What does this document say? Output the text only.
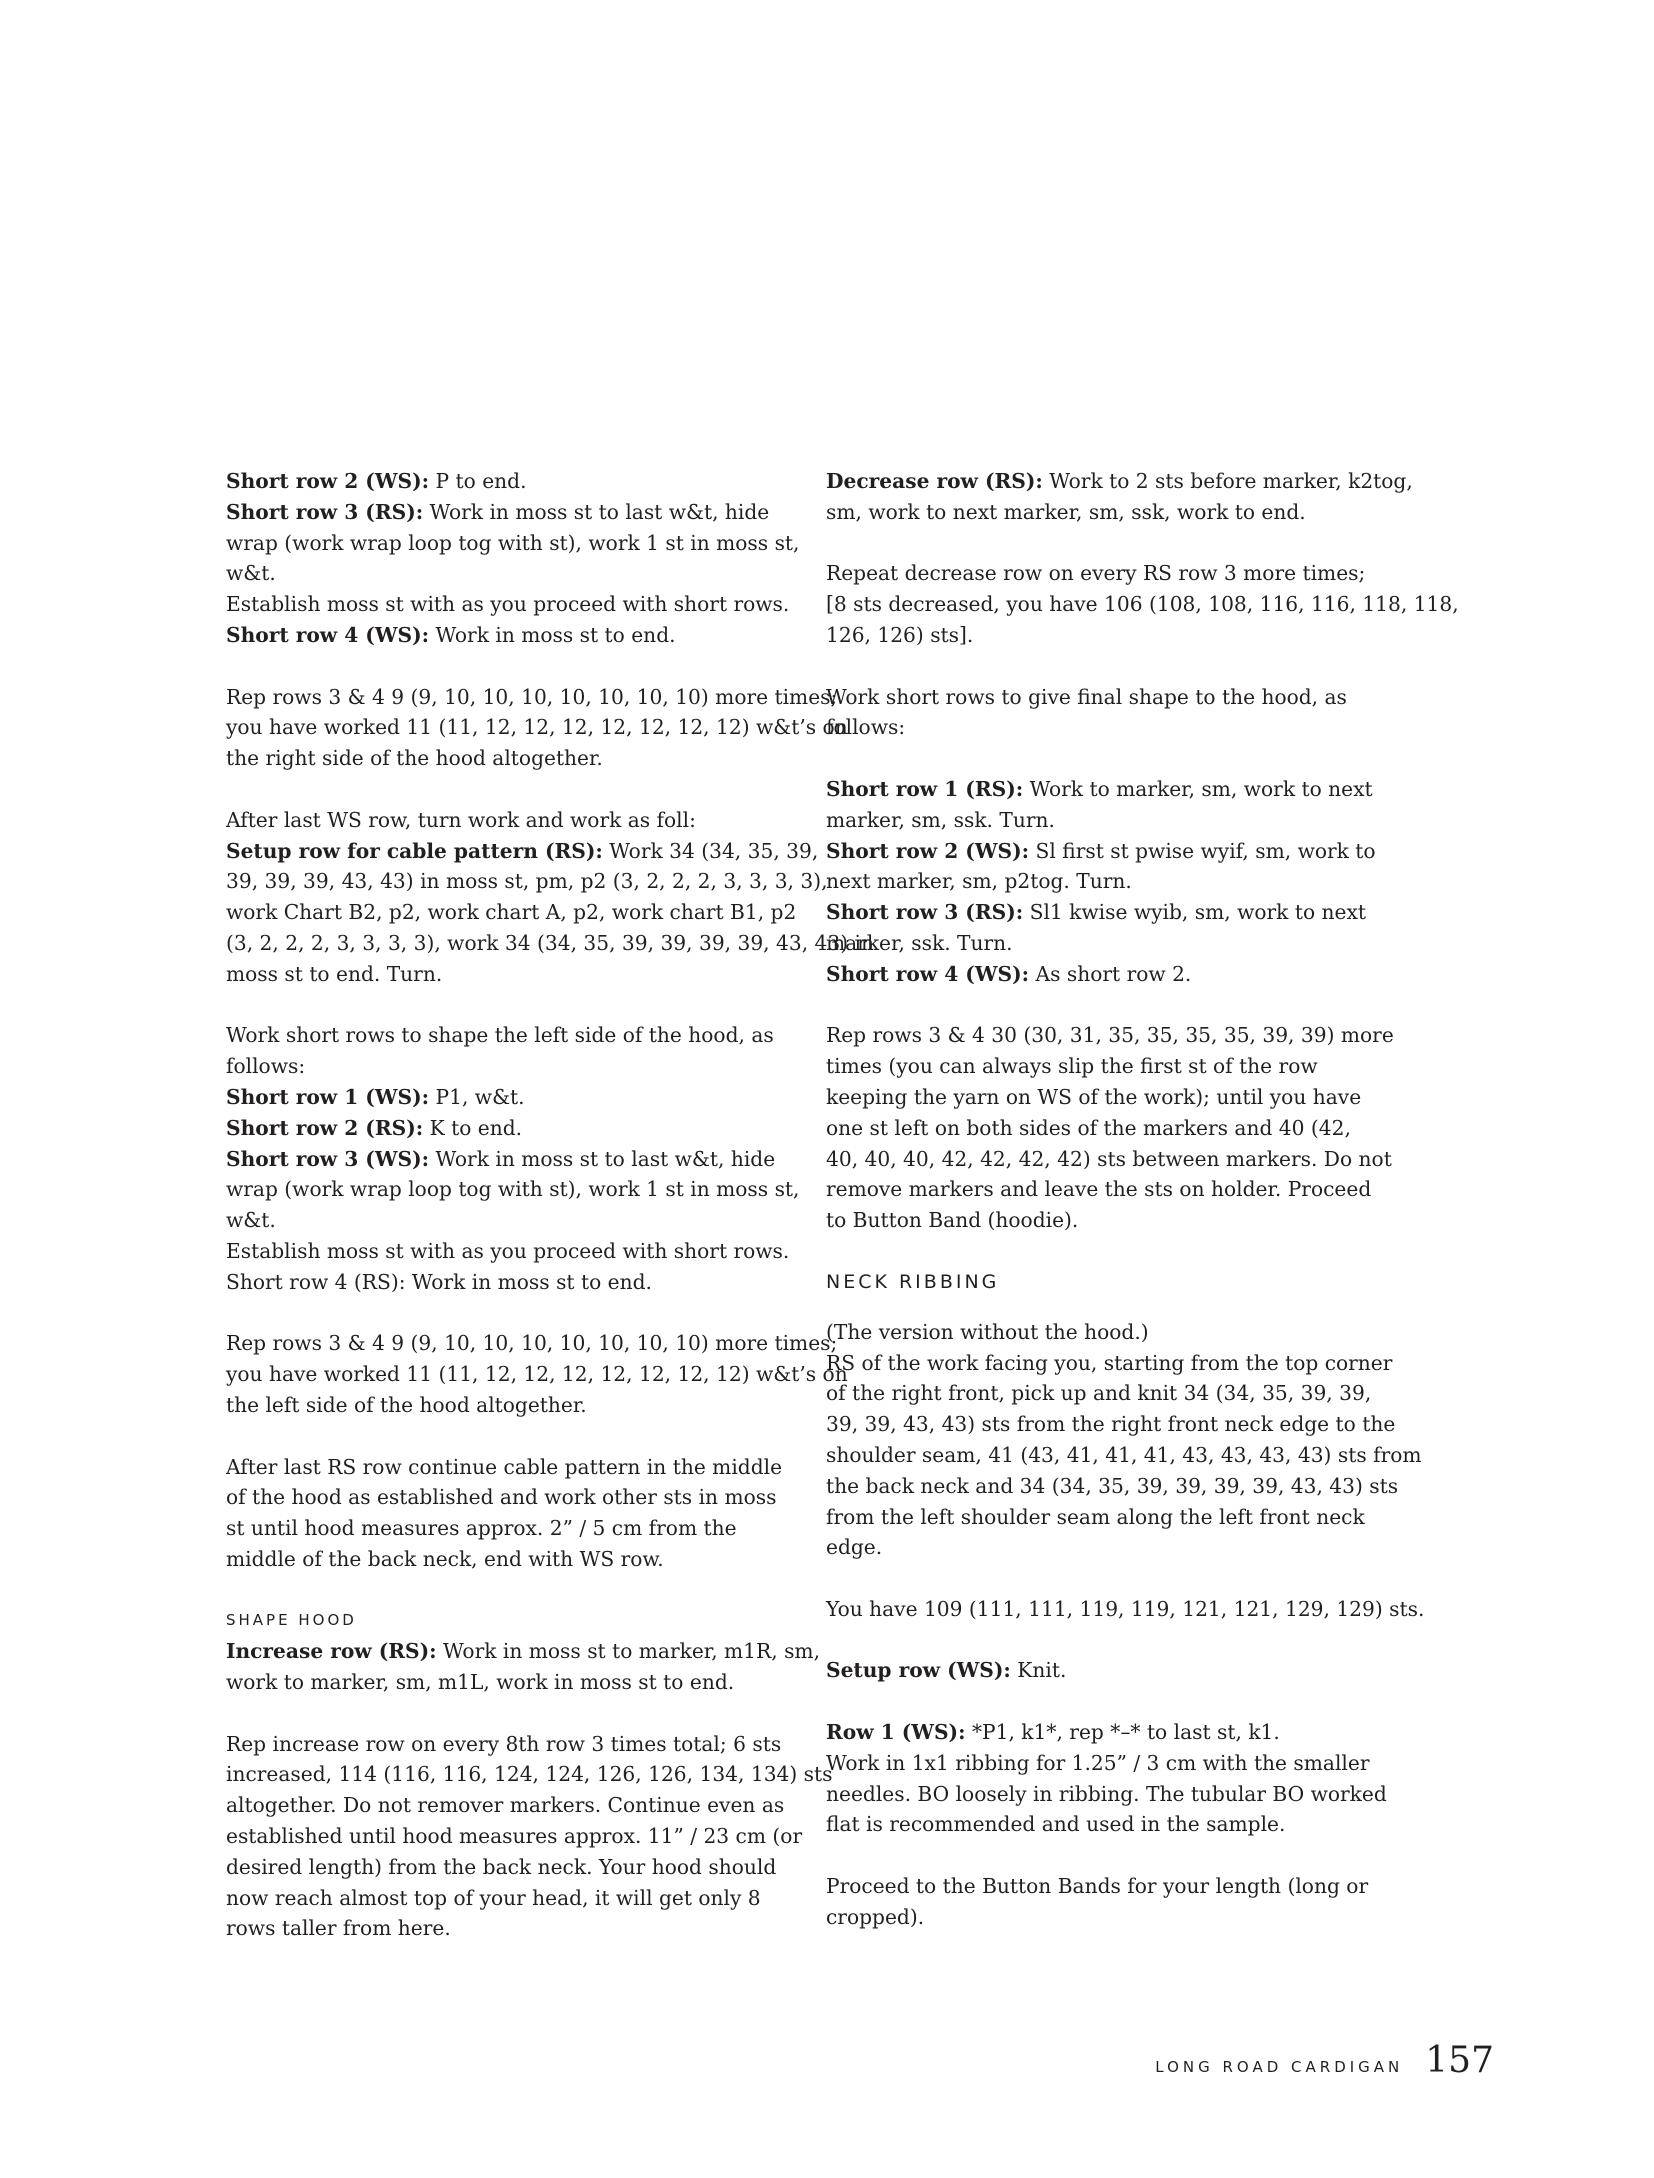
Short row 2 (WS): P to end.
Short row 3 (RS): Work in moss st to last w&t, hide
wrap (work wrap loop tog with st), work 1 st in moss st,
w&t.
Establish moss st with as you proceed with short rows.
Short row 4 (WS): Work in moss st to end.

Rep rows 3 & 4 9 (9, 10, 10, 10, 10, 10, 10, 10) more times;
you have worked 11 (11, 12, 12, 12, 12, 12, 12, 12) w&t’s on
the right side of the hood altogether.

After last WS row, turn work and work as foll:
Setup row for cable pattern (RS): Work 34 (34, 35, 39,
39, 39, 39, 43, 43) in moss st, pm, p2 (3, 2, 2, 2, 3, 3, 3, 3),
work Chart B2, p2, work chart A, p2, work chart B1, p2
(3, 2, 2, 2, 3, 3, 3, 3), work 34 (34, 35, 39, 39, 39, 39, 43, 43) in
moss st to end. Turn.

Work short rows to shape the left side of the hood, as
follows:
Short row 1 (WS): P1, w&t.
Short row 2 (RS): K to end.
Short row 3 (WS): Work in moss st to last w&t, hide
wrap (work wrap loop tog with st), work 1 st in moss st,
w&t.
Establish moss st with as you proceed with short rows.
Short row 4 (RS): Work in moss st to end.

Rep rows 3 & 4 9 (9, 10, 10, 10, 10, 10, 10, 10) more times;
you have worked 11 (11, 12, 12, 12, 12, 12, 12, 12) w&t’s on
the left side of the hood altogether.

After last RS row continue cable pattern in the middle
of the hood as established and work other sts in moss
st until hood measures approx. 2” / 5 cm from the
middle of the back neck, end with WS row.

SHAPE HOOD

Increase row (RS): Work in moss st to marker, m1R, sm,
work to marker, sm, m1L, work in moss st to end.

Rep increase row on every 8th row 3 times total; 6 sts
increased, 114 (116, 116, 124, 124, 126, 126, 134, 134) sts
altogether. Do not remover markers. Continue even as
established until hood measures approx. 11” / 23 cm (or
desired length) from the back neck. Your hood should
now reach almost top of your head, it will get only 8
rows taller from here.

Decrease row (RS): Work to 2 sts before marker, k2tog,
sm, work to next marker, sm, ssk, work to end.

Repeat decrease row on every RS row 3 more times;
[8 sts decreased, you have 106 (108, 108, 116, 116, 118, 118,
126, 126) sts].

Work short rows to give final shape to the hood, as
follows:

Short row 1 (RS): Work to marker, sm, work to next
marker, sm, ssk. Turn.
Short row 2 (WS): Sl first st pwise wyif, sm, work to
next marker, sm, p2tog. Turn.
Short row 3 (RS): Sl1 kwise wyib, sm, work to next
marker, ssk. Turn.
Short row 4 (WS): As short row 2.

Rep rows 3 & 4 30 (30, 31, 35, 35, 35, 35, 39, 39) more
times (you can always slip the first st of the row
keeping the yarn on WS of the work); until you have
one st left on both sides of the markers and 40 (42,
40, 40, 40, 42, 42, 42, 42) sts between markers. Do not
remove markers and leave the sts on holder. Proceed
to Button Band (hoodie).

NECK RIBBING

(The version without the hood.)
RS of the work facing you, starting from the top corner
of the right front, pick up and knit 34 (34, 35, 39, 39,
39, 39, 43, 43) sts from the right front neck edge to the
shoulder seam, 41 (43, 41, 41, 41, 43, 43, 43, 43) sts from
the back neck and 34 (34, 35, 39, 39, 39, 39, 43, 43) sts
from the left shoulder seam along the left front neck
edge.

You have 109 (111, 111, 119, 119, 121, 121, 129, 129) sts.

Setup row (WS): Knit.

Row 1 (WS): *P1, k1*, rep *–* to last st, k1.
Work in 1x1 ribbing for 1.25” / 3 cm with the smaller
needles. BO loosely in ribbing. The tubular BO worked
flat is recommended and used in the sample.

Proceed to the Button Bands for your length (long or
cropped).

LONG ROAD CARDIGAN 157
